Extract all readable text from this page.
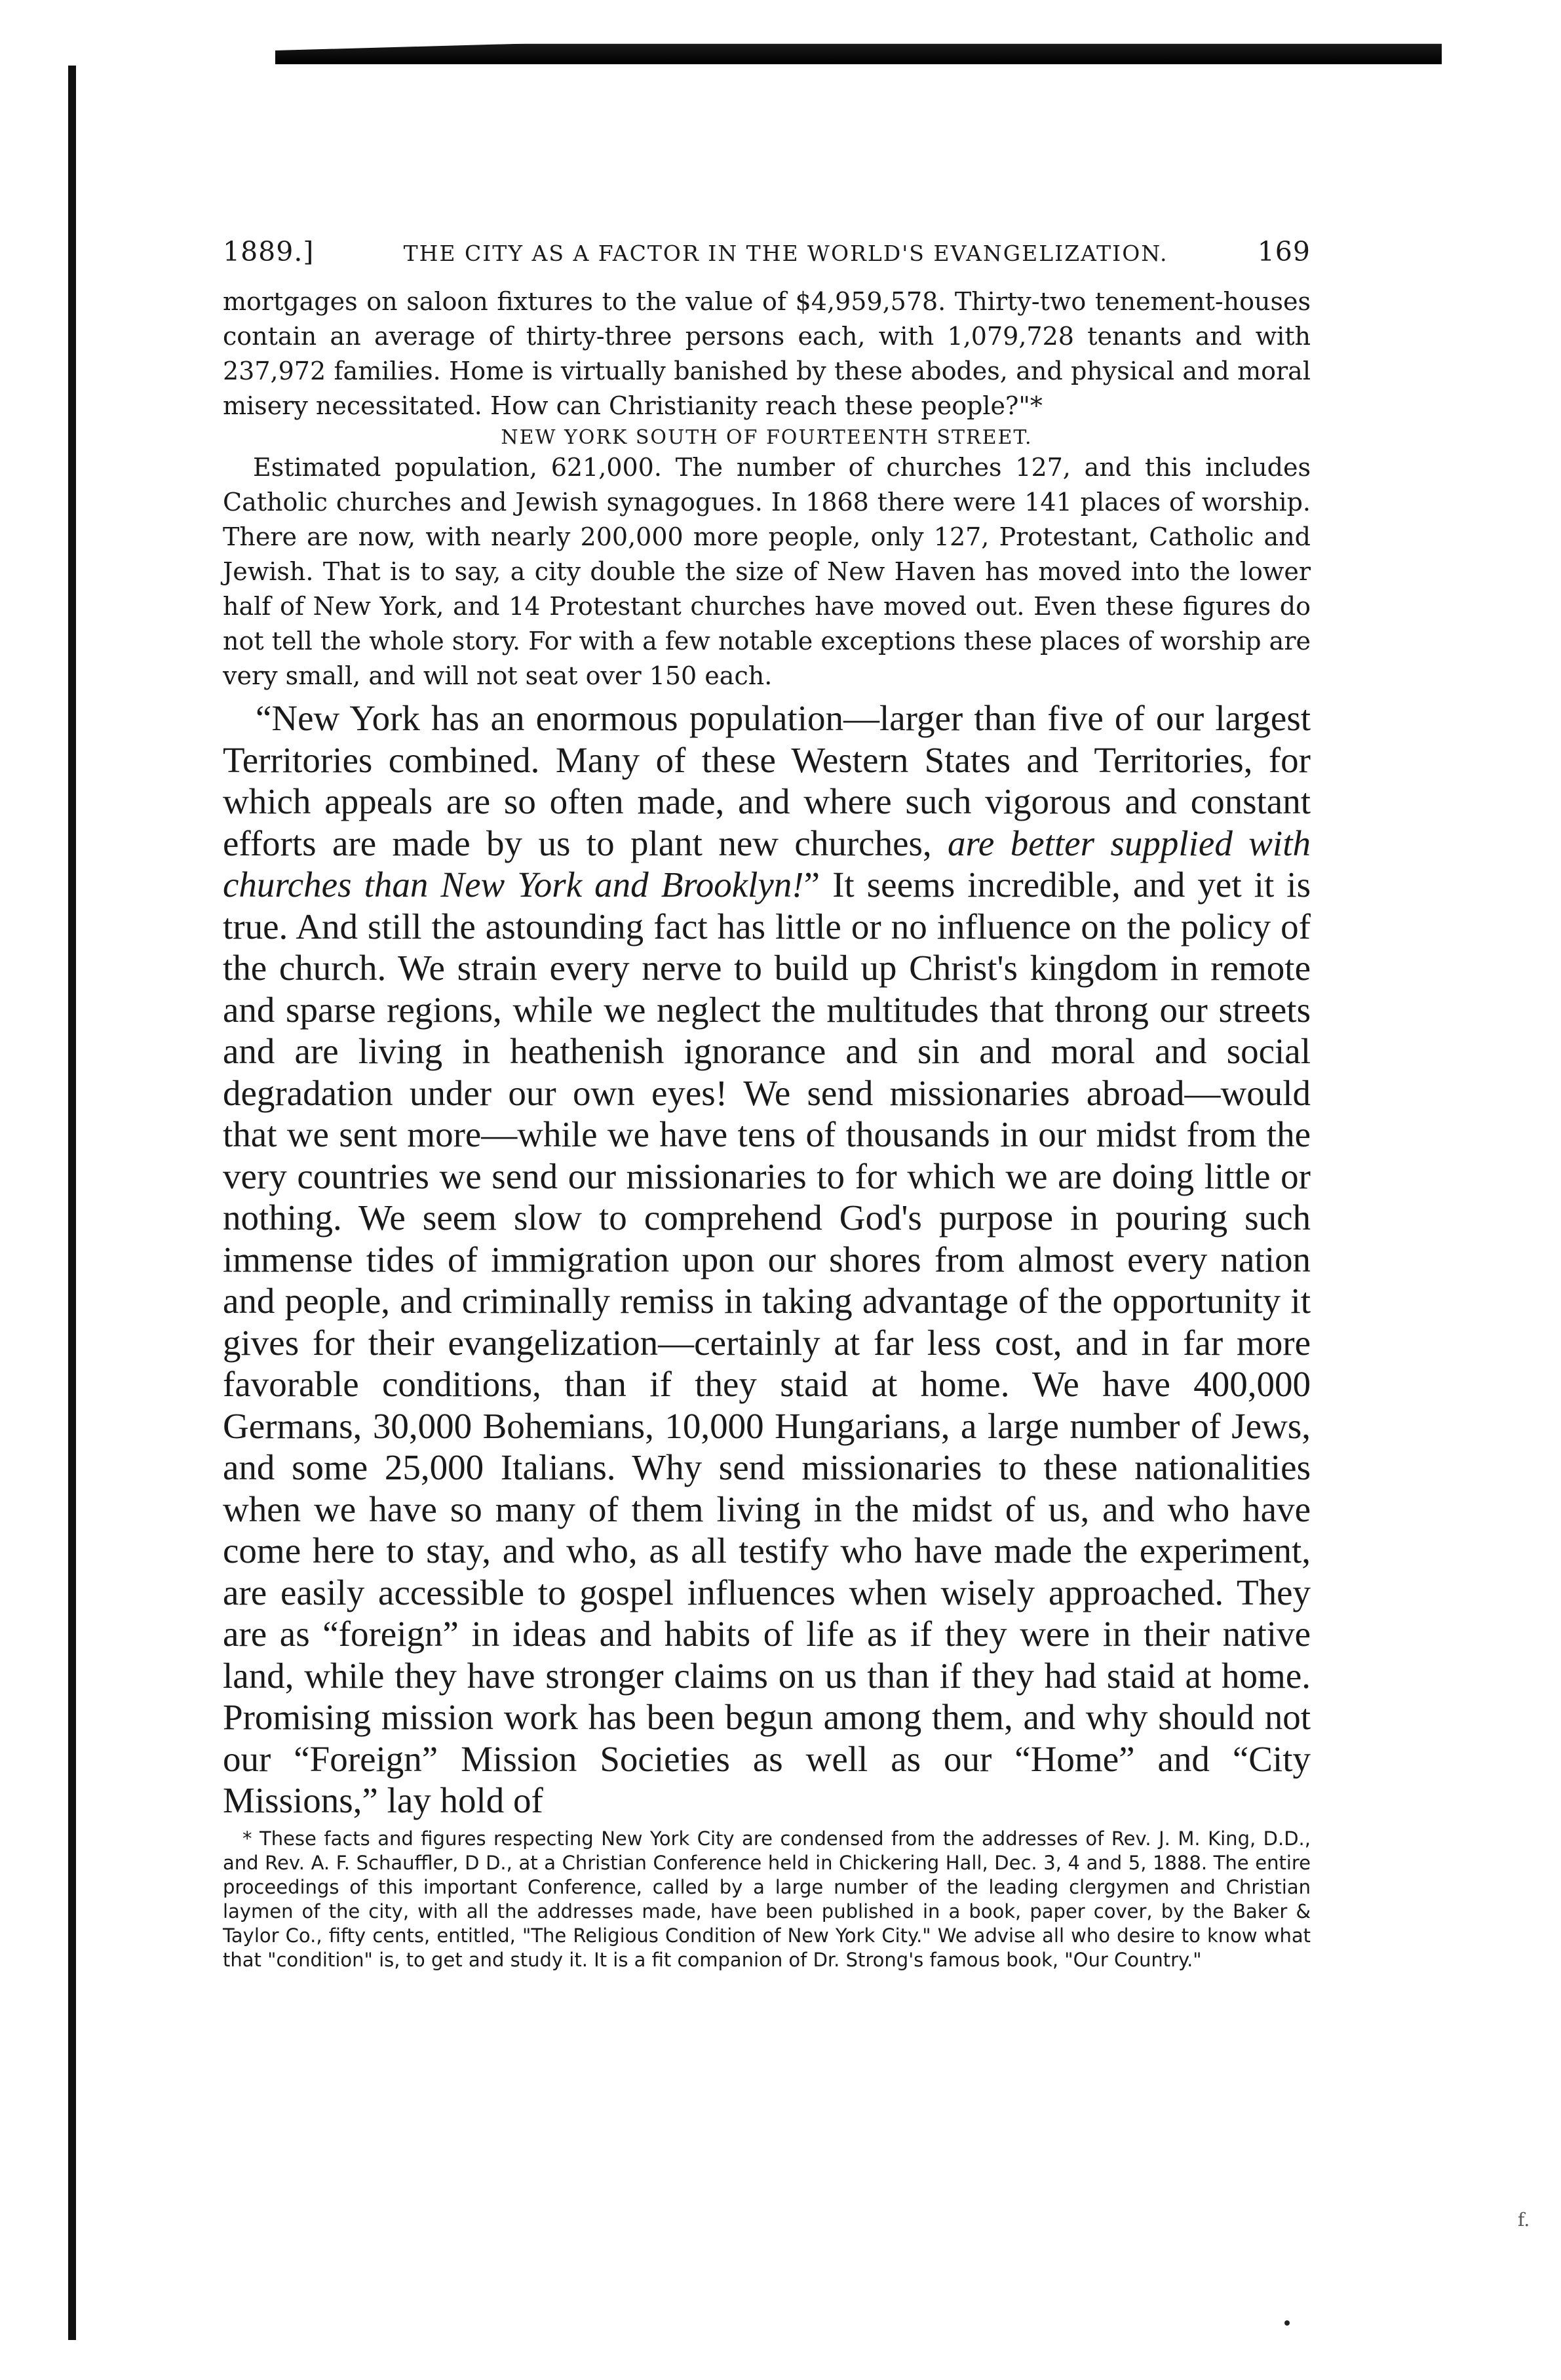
1889.]	THE CITY AS A FACTOR IN THE WORLD'S EVANGELIZATION.	169

mortgages on saloon fixtures to the value of $4,959,578. Thirty-two tenement-houses contain an average of thirty-three persons each, with 1,079,728 tenants and with 237,972 families. Home is virtually banished by these abodes, and physical and moral misery necessitated. How can Christianity reach these people?"*

NEW YORK SOUTH OF FOURTEENTH STREET.

Estimated population, 621,000. The number of churches 127, and this includes Catholic churches and Jewish synagogues. In 1868 there were 141 places of worship. There are now, with nearly 200,000 more people, only 127, Protestant, Catholic and Jewish. That is to say, a city double the size of New Haven has moved into the lower half of New York, and 14 Protestant churches have moved out. Even these figures do not tell the whole story. For with a few notable exceptions these places of worship are very small, and will not seat over 150 each.

“New York has an enormous population—larger than five of our largest Territories combined. Many of these Western States and Territories, for which appeals are so often made, and where such vigorous and constant efforts are made by us to plant new churches, are better supplied with churches than New York and Brooklyn!” It seems incredible, and yet it is true. And still the astounding fact has little or no influence on the policy of the church. We strain every nerve to build up Christ's kingdom in remote and sparse regions, while we neglect the multitudes that throng our streets and are living in heathenish ignorance and sin and moral and social degradation under our own eyes! We send missionaries abroad—would that we sent more—while we have tens of thousands in our midst from the very countries we send our missionaries to for which we are doing little or nothing. We seem slow to comprehend God's purpose in pouring such immense tides of immigration upon our shores from almost every nation and people, and criminally remiss in taking advantage of the opportunity it gives for their evangelization—certainly at far less cost, and in far more favorable conditions, than if they staid at home. We have 400,000 Germans, 30,000 Bohemians, 10,000 Hungarians, a large number of Jews, and some 25,000 Italians. Why send missionaries to these nationalities when we have so many of them living in the midst of us, and who have come here to stay, and who, as all testify who have made the experiment, are easily accessible to gospel influences when wisely approached. They are as “foreign” in ideas and habits of life as if they were in their native land, while they have stronger claims on us than if they had staid at home. Promising mission work has been begun among them, and why should not our “Foreign” Mission Societies as well as our “Home” and “City Missions,” lay hold of

* These facts and figures respecting New York City are condensed from the addresses of Rev. J. M. King, D.D., and Rev. A. F. Schauffler, D D., at a Christian Conference held in Chickering Hall, Dec. 3, 4 and 5, 1888. The entire proceedings of this important Conference, called by a large number of the leading clergymen and Christian laymen of the city, with all the addresses made, have been published in a book, paper cover, by the Baker & Taylor Co., fifty cents, entitled, "The Religious Condition of New York City." We advise all who desire to know what that "condition" is, to get and study it. It is a fit companion of Dr. Strong's famous book, "Our Country."

f.
